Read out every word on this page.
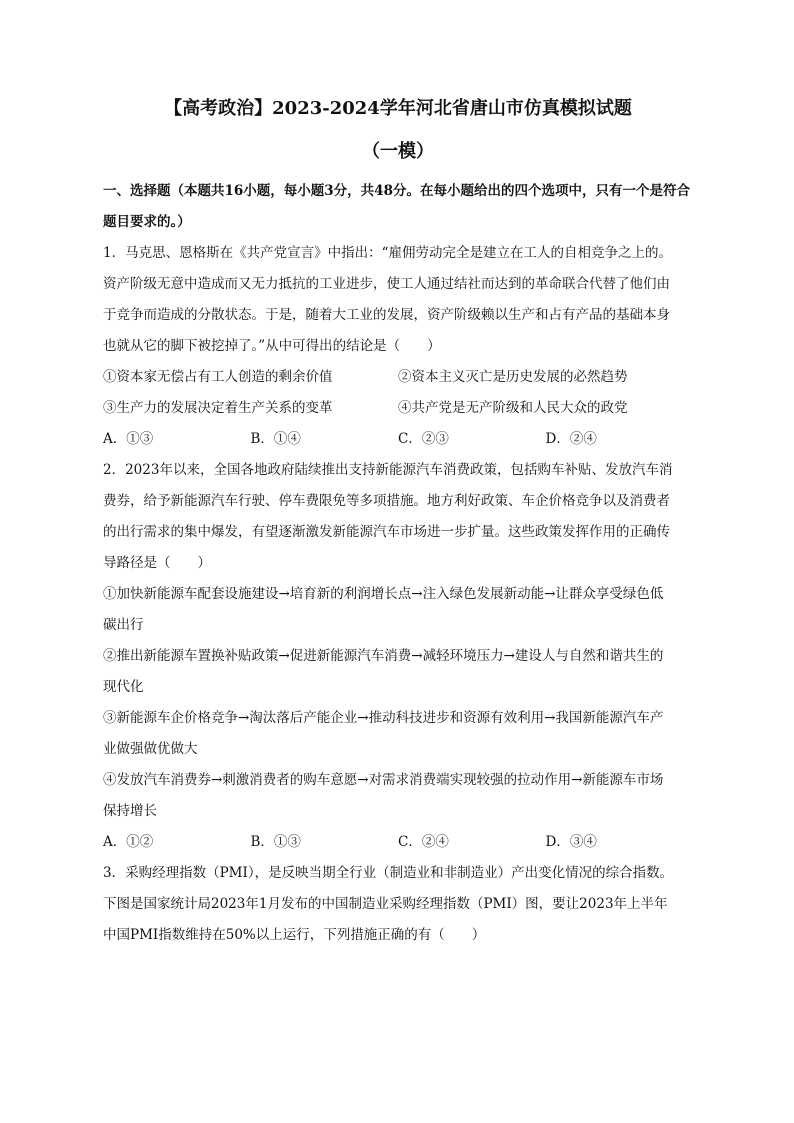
【高考政治】2023-2024学年河北省唐山市仿真模拟试题
（一模）
一、选择题（本题共16小题，每小题3分，共48分。在每小题给出的四个选项中，只有一个是符合题目要求的。）

1．马克思、恩格斯在《共产党宣言》中指出：“雇佣劳动完全是建立在工人的自相竞争之上的。

资产阶级无意中造成而又无力抵抗的工业进步，使工人通过结社而达到的革命联合代替了他们由

于竞争而造成的分散状态。于是，随着大工业的发展，资产阶级赖以生产和占有产品的基础本身

也就从它的脚下被挖掉了。”从中可得出的结论是（　　）

①资本家无偿占有工人创造的剩余价值	②资本主义灭亡是历史发展的必然趋势
③生产力的发展决定着生产关系的变革	④共产党是无产阶级和人民大众的政党
A．①③	B．①④	C．②③	D．②④

2．2023年以来，全国各地政府陆续推出支持新能源汽车消费政策，包括购车补贴、发放汽车消

费券，给予新能源汽车行驶、停车费限免等多项措施。地方利好政策、车企价格竞争以及消费者

的出行需求的集中爆发，有望逐渐激发新能源汽车市场进一步扩量。这些政策发挥作用的正确传

导路径是（　　）

①加快新能源车配套设施建设→培育新的利润增长点→注入绿色发展新动能→让群众享受绿色低

碳出行

②推出新能源车置换补贴政策→促进新能源汽车消费→减轻环境压力→建设人与自然和谐共生的

现代化

③新能源车企价格竞争→淘汰落后产能企业→推动科技进步和资源有效利用→我国新能源汽车产

业做强做优做大

④发放汽车消费券→刺激消费者的购车意愿→对需求消费端实现较强的拉动作用→新能源车市场

保持增长

A．①②	B．①③	C．②④	D．③④

3．采购经理指数（PMI），是反映当期全行业（制造业和非制造业）产出变化情况的综合指数。

下图是国家统计局2023年1月发布的中国制造业采购经理指数（PMI）图，要让2023年上半年

中国PMI指数维持在50%以上运行，下列措施正确的有（　　）
